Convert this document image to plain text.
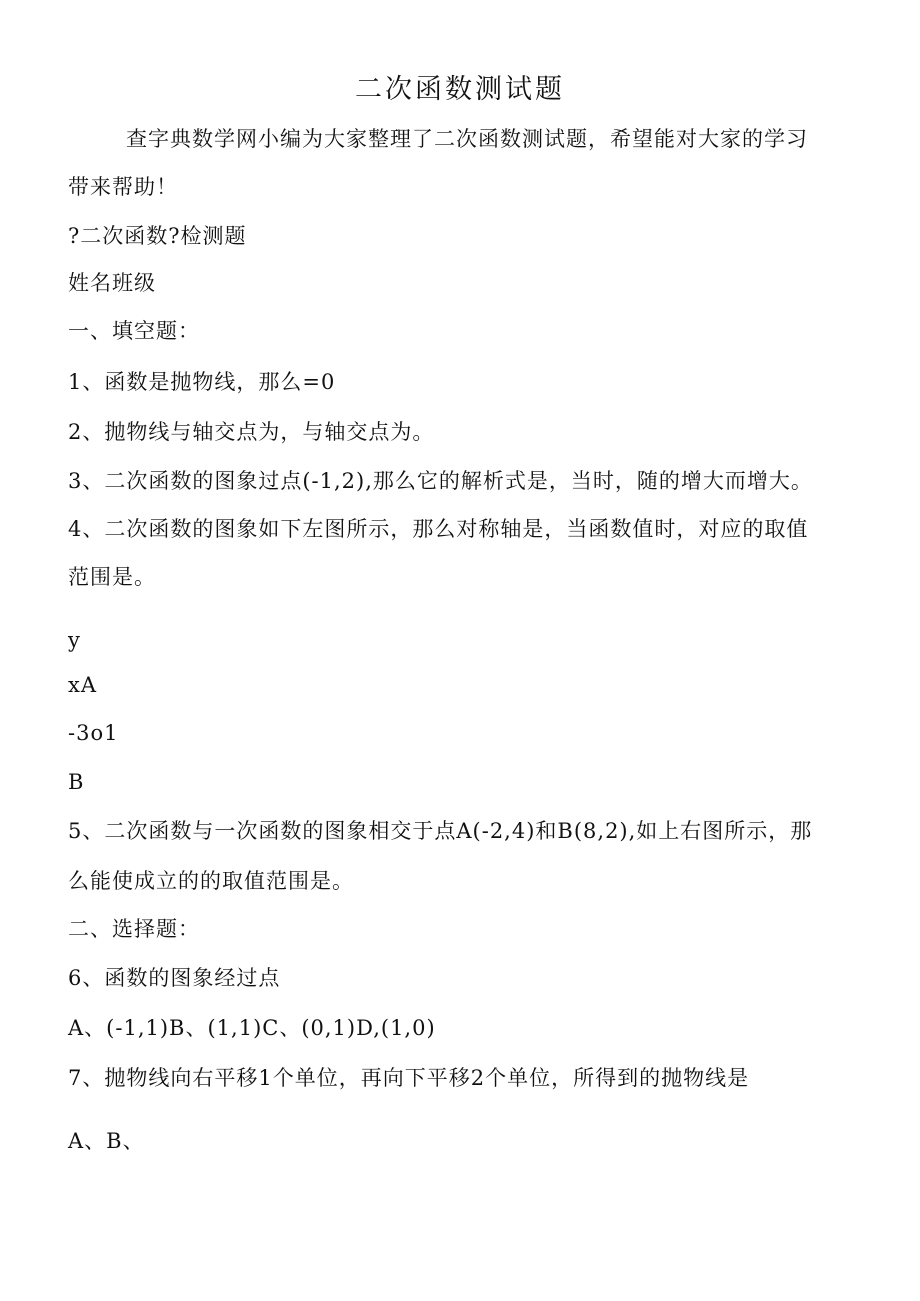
二次函数测试题
查字典数学网小编为大家整理了二次函数测试题，希望能对大家的学习
带来帮助！
?二次函数?检测题
姓名班级
一、填空题：
1、函数是抛物线，那么=0
2、抛物线与轴交点为，与轴交点为。
3、二次函数的图象过点(-1,2),那么它的解析式是，当时，随的增大而增大。
4、二次函数的图象如下左图所示，那么对称轴是，当函数值时，对应的取值
范围是。
y
xA
-3o1
B
5、二次函数与一次函数的图象相交于点A(-2,4)和B(8,2),如上右图所示，那
么能使成立的的取值范围是。
二、选择题：
6、函数的图象经过点
A、(-1,1)B、(1,1)C、(0,1)D,(1,0)
7、抛物线向右平移1个单位，再向下平移2个单位，所得到的抛物线是
A、B、
